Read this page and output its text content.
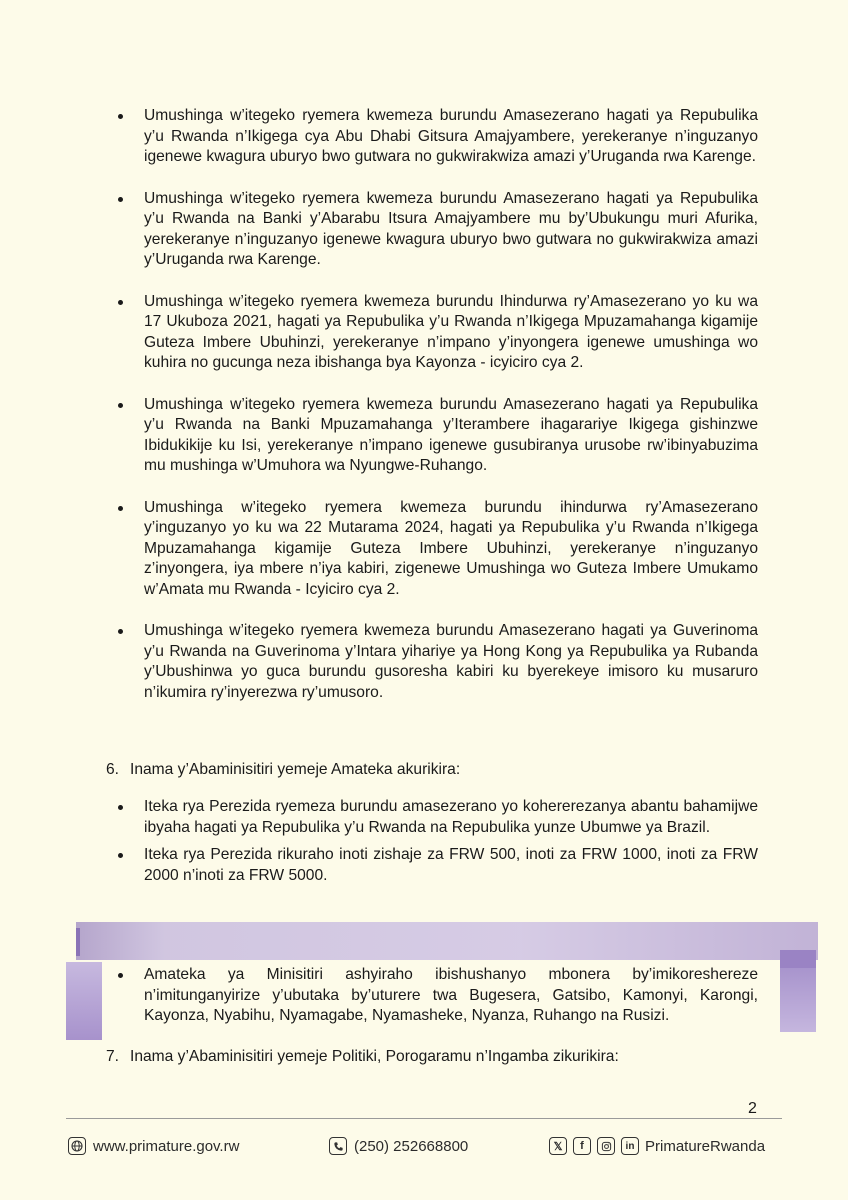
Umushinga w’itegeko ryemera kwemeza burundu Amasezerano hagati ya Repubulika y’u Rwanda n’Ikigega cya Abu Dhabi Gitsura Amajyambere, yerekeranye n’inguzanyo igenewe kwagura uburyo bwo gutwara no gukwirakwiza amazi y’Uruganda rwa Karenge.
Umushinga w’itegeko ryemera kwemeza burundu Amasezerano hagati ya Repubulika y’u Rwanda na Banki y’Abarabu Itsura Amajyambere mu by’Ubukungu muri Afurika, yerekeranye n’inguzanyo igenewe kwagura uburyo bwo gutwara no gukwirakwiza amazi y’Uruganda rwa Karenge.
Umushinga w’itegeko ryemera kwemeza burundu Ihindurwa ry’Amasezerano yo ku wa 17 Ukuboza 2021, hagati ya Repubulika y’u Rwanda n’Ikigega Mpuzamahanga kigamije Guteza Imbere Ubuhinzi, yerekeranye n’impano y’inyongera igenewe umushinga wo kuhira no gucunga neza ibishanga bya Kayonza - icyiciro cya 2.
Umushinga w’itegeko ryemera kwemeza burundu Amasezerano hagati ya Repubulika y’u Rwanda na Banki Mpuzamahanga y’Iterambere ihagarariye Ikigega gishinzwe Ibidukikije ku Isi, yerekeranye n’impano igenewe gusubiranya urusobe rw’ibinyabuzima mu mushinga w’Umuhora wa Nyungwe-Ruhango.
Umushinga w’itegeko ryemera kwemeza burundu ihindurwa ry’Amasezerano y’inguzanyo yo ku wa 22 Mutarama 2024, hagati ya Repubulika y’u Rwanda n’Ikigega Mpuzamahanga kigamije Guteza Imbere Ubuhinzi, yerekeranye n’inguzanyo z’inyongera, iya mbere n’iya kabiri, zigenewe Umushinga wo Guteza Imbere Umukamo w’Amata mu Rwanda - Icyiciro cya 2.
Umushinga w’itegeko ryemera kwemeza burundu Amasezerano hagati ya Guverinoma y’u Rwanda na Guverinoma y’Intara yihariye ya Hong Kong ya Repubulika ya Rubanda y’Ubushinwa yo guca burundu gusoresha kabiri ku byerekeye imisoro ku musaruro n’ikumira ry’inyerezwa ry’umusoro.
6. Inama y’Abaminisitiri yemeje Amateka akurikira:
Iteka rya Perezida ryemeza burundu amasezerano yo kohererezanya abantu bahamijwe ibyaha hagati ya Repubulika y’u Rwanda na Repubulika yunze Ubumwe ya Brazil.
Iteka rya Perezida rikuraho inoti zishaje za FRW 500, inoti za FRW 1000, inoti za FRW 2000 n’inoti za FRW 5000.
Amateka ya Minisitiri ashyiraho ibishushanyo mbonera by’imikoreshereze n’imitunganyirize y’ubutaka by’uturere twa Bugesera, Gatsibo, Kamonyi, Karongi, Kayonza, Nyabihu, Nyamagabe, Nyamasheke, Nyanza, Ruhango na Rusizi.
7. Inama y’Abaminisitiri yemeje Politiki, Porogaramu n’Ingamba zikurikira:
2
www.primature.gov.rw	(250) 252668800	𝕏	f	in PrimatureRwanda
